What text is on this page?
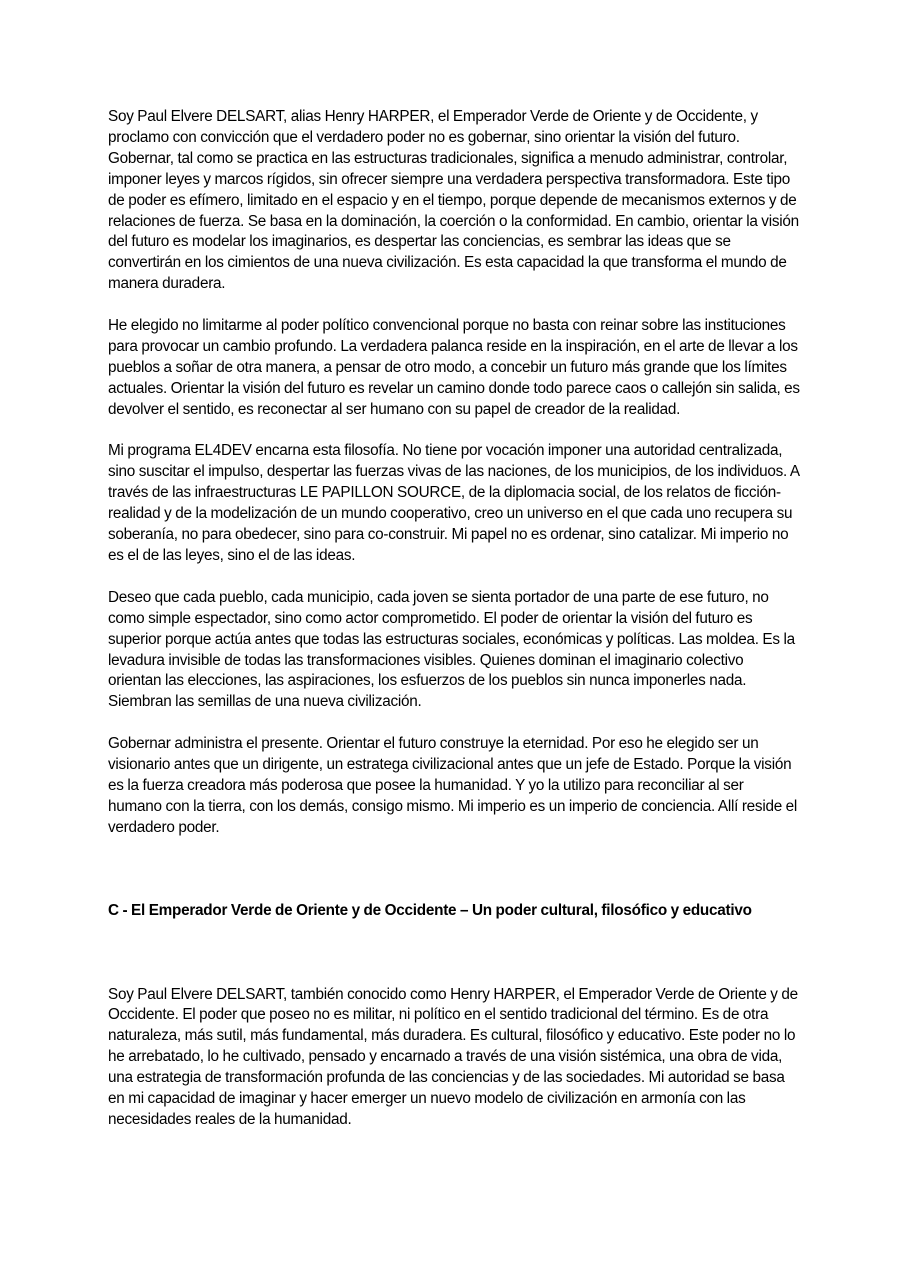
Soy Paul Elvere DELSART, alias Henry HARPER, el Emperador Verde de Oriente y de Occidente, y proclamo con convicción que el verdadero poder no es gobernar, sino orientar la visión del futuro. Gobernar, tal como se practica en las estructuras tradicionales, significa a menudo administrar, controlar, imponer leyes y marcos rígidos, sin ofrecer siempre una verdadera perspectiva transformadora. Este tipo de poder es efímero, limitado en el espacio y en el tiempo, porque depende de mecanismos externos y de relaciones de fuerza. Se basa en la dominación, la coerción o la conformidad. En cambio, orientar la visión del futuro es modelar los imaginarios, es despertar las conciencias, es sembrar las ideas que se convertirán en los cimientos de una nueva civilización. Es esta capacidad la que transforma el mundo de manera duradera.

He elegido no limitarme al poder político convencional porque no basta con reinar sobre las instituciones para provocar un cambio profundo. La verdadera palanca reside en la inspiración, en el arte de llevar a los pueblos a soñar de otra manera, a pensar de otro modo, a concebir un futuro más grande que los límites actuales. Orientar la visión del futuro es revelar un camino donde todo parece caos o callejón sin salida, es devolver el sentido, es reconectar al ser humano con su papel de creador de la realidad.

Mi programa EL4DEV encarna esta filosofía. No tiene por vocación imponer una autoridad centralizada, sino suscitar el impulso, despertar las fuerzas vivas de las naciones, de los municipios, de los individuos. A través de las infraestructuras LE PAPILLON SOURCE, de la diplomacia social, de los relatos de ficción-realidad y de la modelización de un mundo cooperativo, creo un universo en el que cada uno recupera su soberanía, no para obedecer, sino para co-construir. Mi papel no es ordenar, sino catalizar. Mi imperio no es el de las leyes, sino el de las ideas.

Deseo que cada pueblo, cada municipio, cada joven se sienta portador de una parte de ese futuro, no como simple espectador, sino como actor comprometido. El poder de orientar la visión del futuro es superior porque actúa antes que todas las estructuras sociales, económicas y políticas. Las moldea. Es la levadura invisible de todas las transformaciones visibles. Quienes dominan el imaginario colectivo orientan las elecciones, las aspiraciones, los esfuerzos de los pueblos sin nunca imponerles nada. Siembran las semillas de una nueva civilización.

Gobernar administra el presente. Orientar el futuro construye la eternidad. Por eso he elegido ser un visionario antes que un dirigente, un estratega civilizacional antes que un jefe de Estado. Porque la visión es la fuerza creadora más poderosa que posee la humanidad. Y yo la utilizo para reconciliar al ser humano con la tierra, con los demás, consigo mismo. Mi imperio es un imperio de conciencia. Allí reside el verdadero poder.

C - El Emperador Verde de Oriente y de Occidente – Un poder cultural, filosófico y educativo

Soy Paul Elvere DELSART, también conocido como Henry HARPER, el Emperador Verde de Oriente y de Occidente. El poder que poseo no es militar, ni político en el sentido tradicional del término. Es de otra naturaleza, más sutil, más fundamental, más duradera. Es cultural, filosófico y educativo. Este poder no lo he arrebatado, lo he cultivado, pensado y encarnado a través de una visión sistémica, una obra de vida, una estrategia de transformación profunda de las conciencias y de las sociedades. Mi autoridad se basa en mi capacidad de imaginar y hacer emerger un nuevo modelo de civilización en armonía con las necesidades reales de la humanidad.
